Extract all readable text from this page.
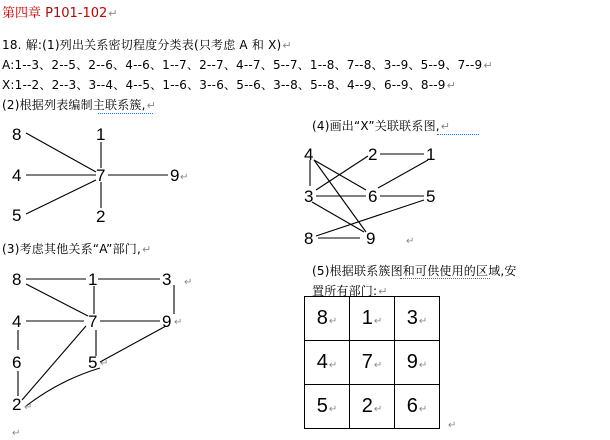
第四章 P101-102↵
18. 解:(1)列出关系密切程度分类表(只考虑 A 和 X)↵
A:1--3、2--5、2--6、4--6、1--7、2--7、4--7、5--7、1--8、7--8、3--9、5--9、7--9↵
X:1--2、2--3、3--4、4--5、1--6、3--6、5--6、3--8、5--8、4--9、6--9、8--9↵
(2)根据列表编制主联系簇,↵
(4)画出“X”关联联系图,↵
(3)考虑其他关系“A”部门,↵
(5)根据联系簇图和可供使用的区域,安
置所有部门:↵
1
8
4	7	9
5	2
↵
4	2	1
3	6	5
8	9	↵
8	1	3
4	7	9
6	5
2
↵
↵
↵
↵
↵
8↵	1↵	3↵
4↵	7↵	9↵
5↵	2↵	6↵
↵
